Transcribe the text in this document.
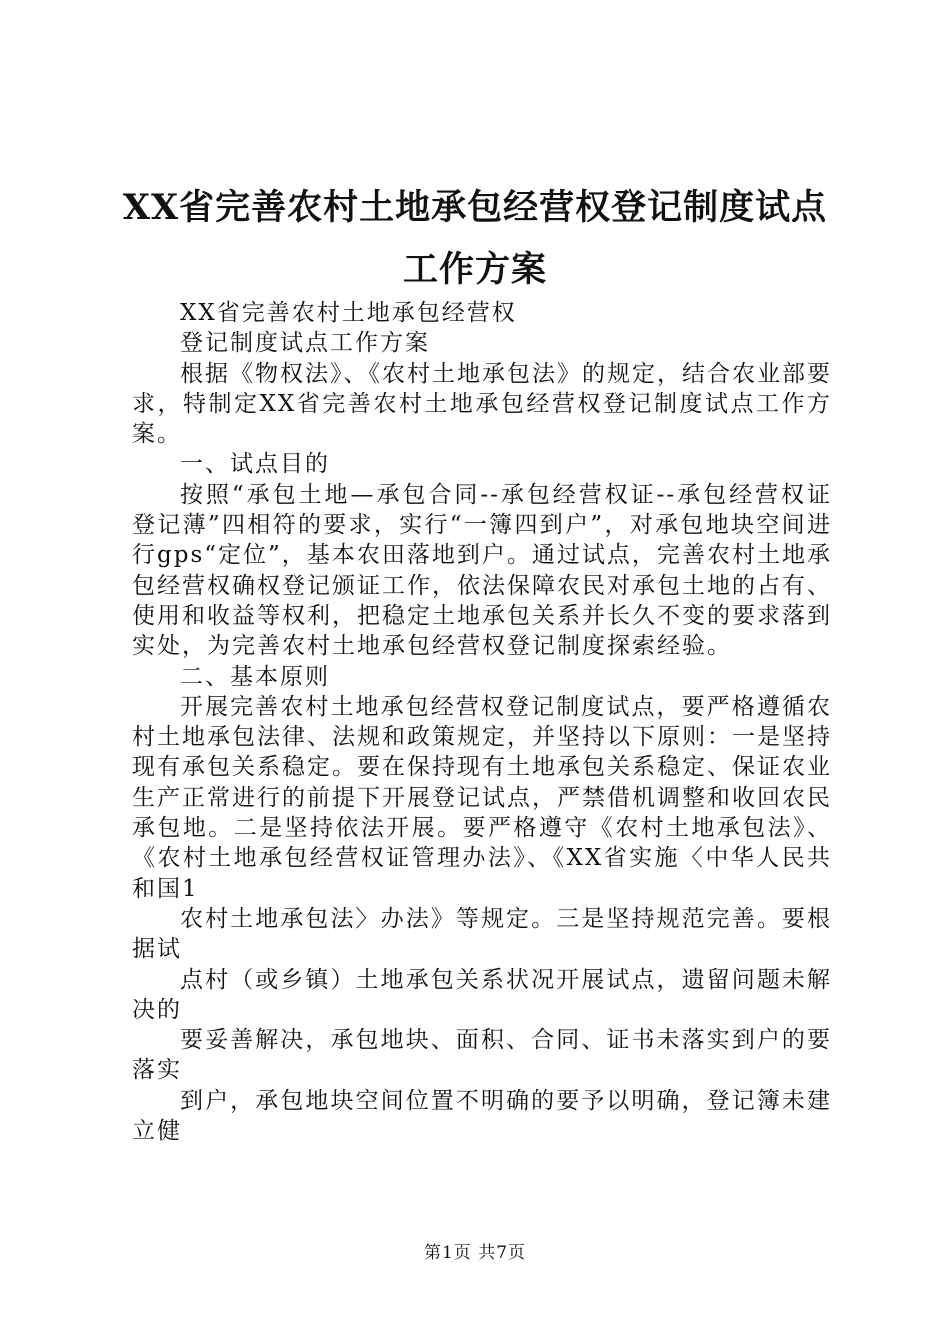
XX省完善农村土地承包经营权登记制度试点
工作方案

XX省完善农村土地承包经营权

登记制度试点工作方案

根据《物权法》、《农村土地承包法》的规定，结合农业部要求，特制定XX省完善农村土地承包经营权登记制度试点工作方案。

一、试点目的

按照“承包土地—承包合同--承包经营权证--承包经营权证登记薄”四相符的要求，实行“一簿四到户”，对承包地块空间进行gps“定位”，基本农田落地到户。通过试点，完善农村土地承包经营权确权登记颁证工作，依法保障农民对承包土地的占有、使用和收益等权利，把稳定土地承包关系并长久不变的要求落到实处，为完善农村土地承包经营权登记制度探索经验。

二、基本原则

开展完善农村土地承包经营权登记制度试点，要严格遵循农村土地承包法律、法规和政策规定，并坚持以下原则：一是坚持现有承包关系稳定。要在保持现有土地承包关系稳定、保证农业生产正常进行的前提下开展登记试点，严禁借机调整和收回农民承包地。二是坚持依法开展。要严格遵守《农村土地承包法》、《农村土地承包经营权证管理办法》、《XX省实施〈中华人民共和国1

农村土地承包法〉办法》等规定。三是坚持规范完善。要根据试

点村（或乡镇）土地承包关系状况开展试点，遗留问题未解决的

要妥善解决，承包地块、面积、合同、证书未落实到户的要落实

到户，承包地块空间位置不明确的要予以明确，登记簿未建立健

第1页 共7页
